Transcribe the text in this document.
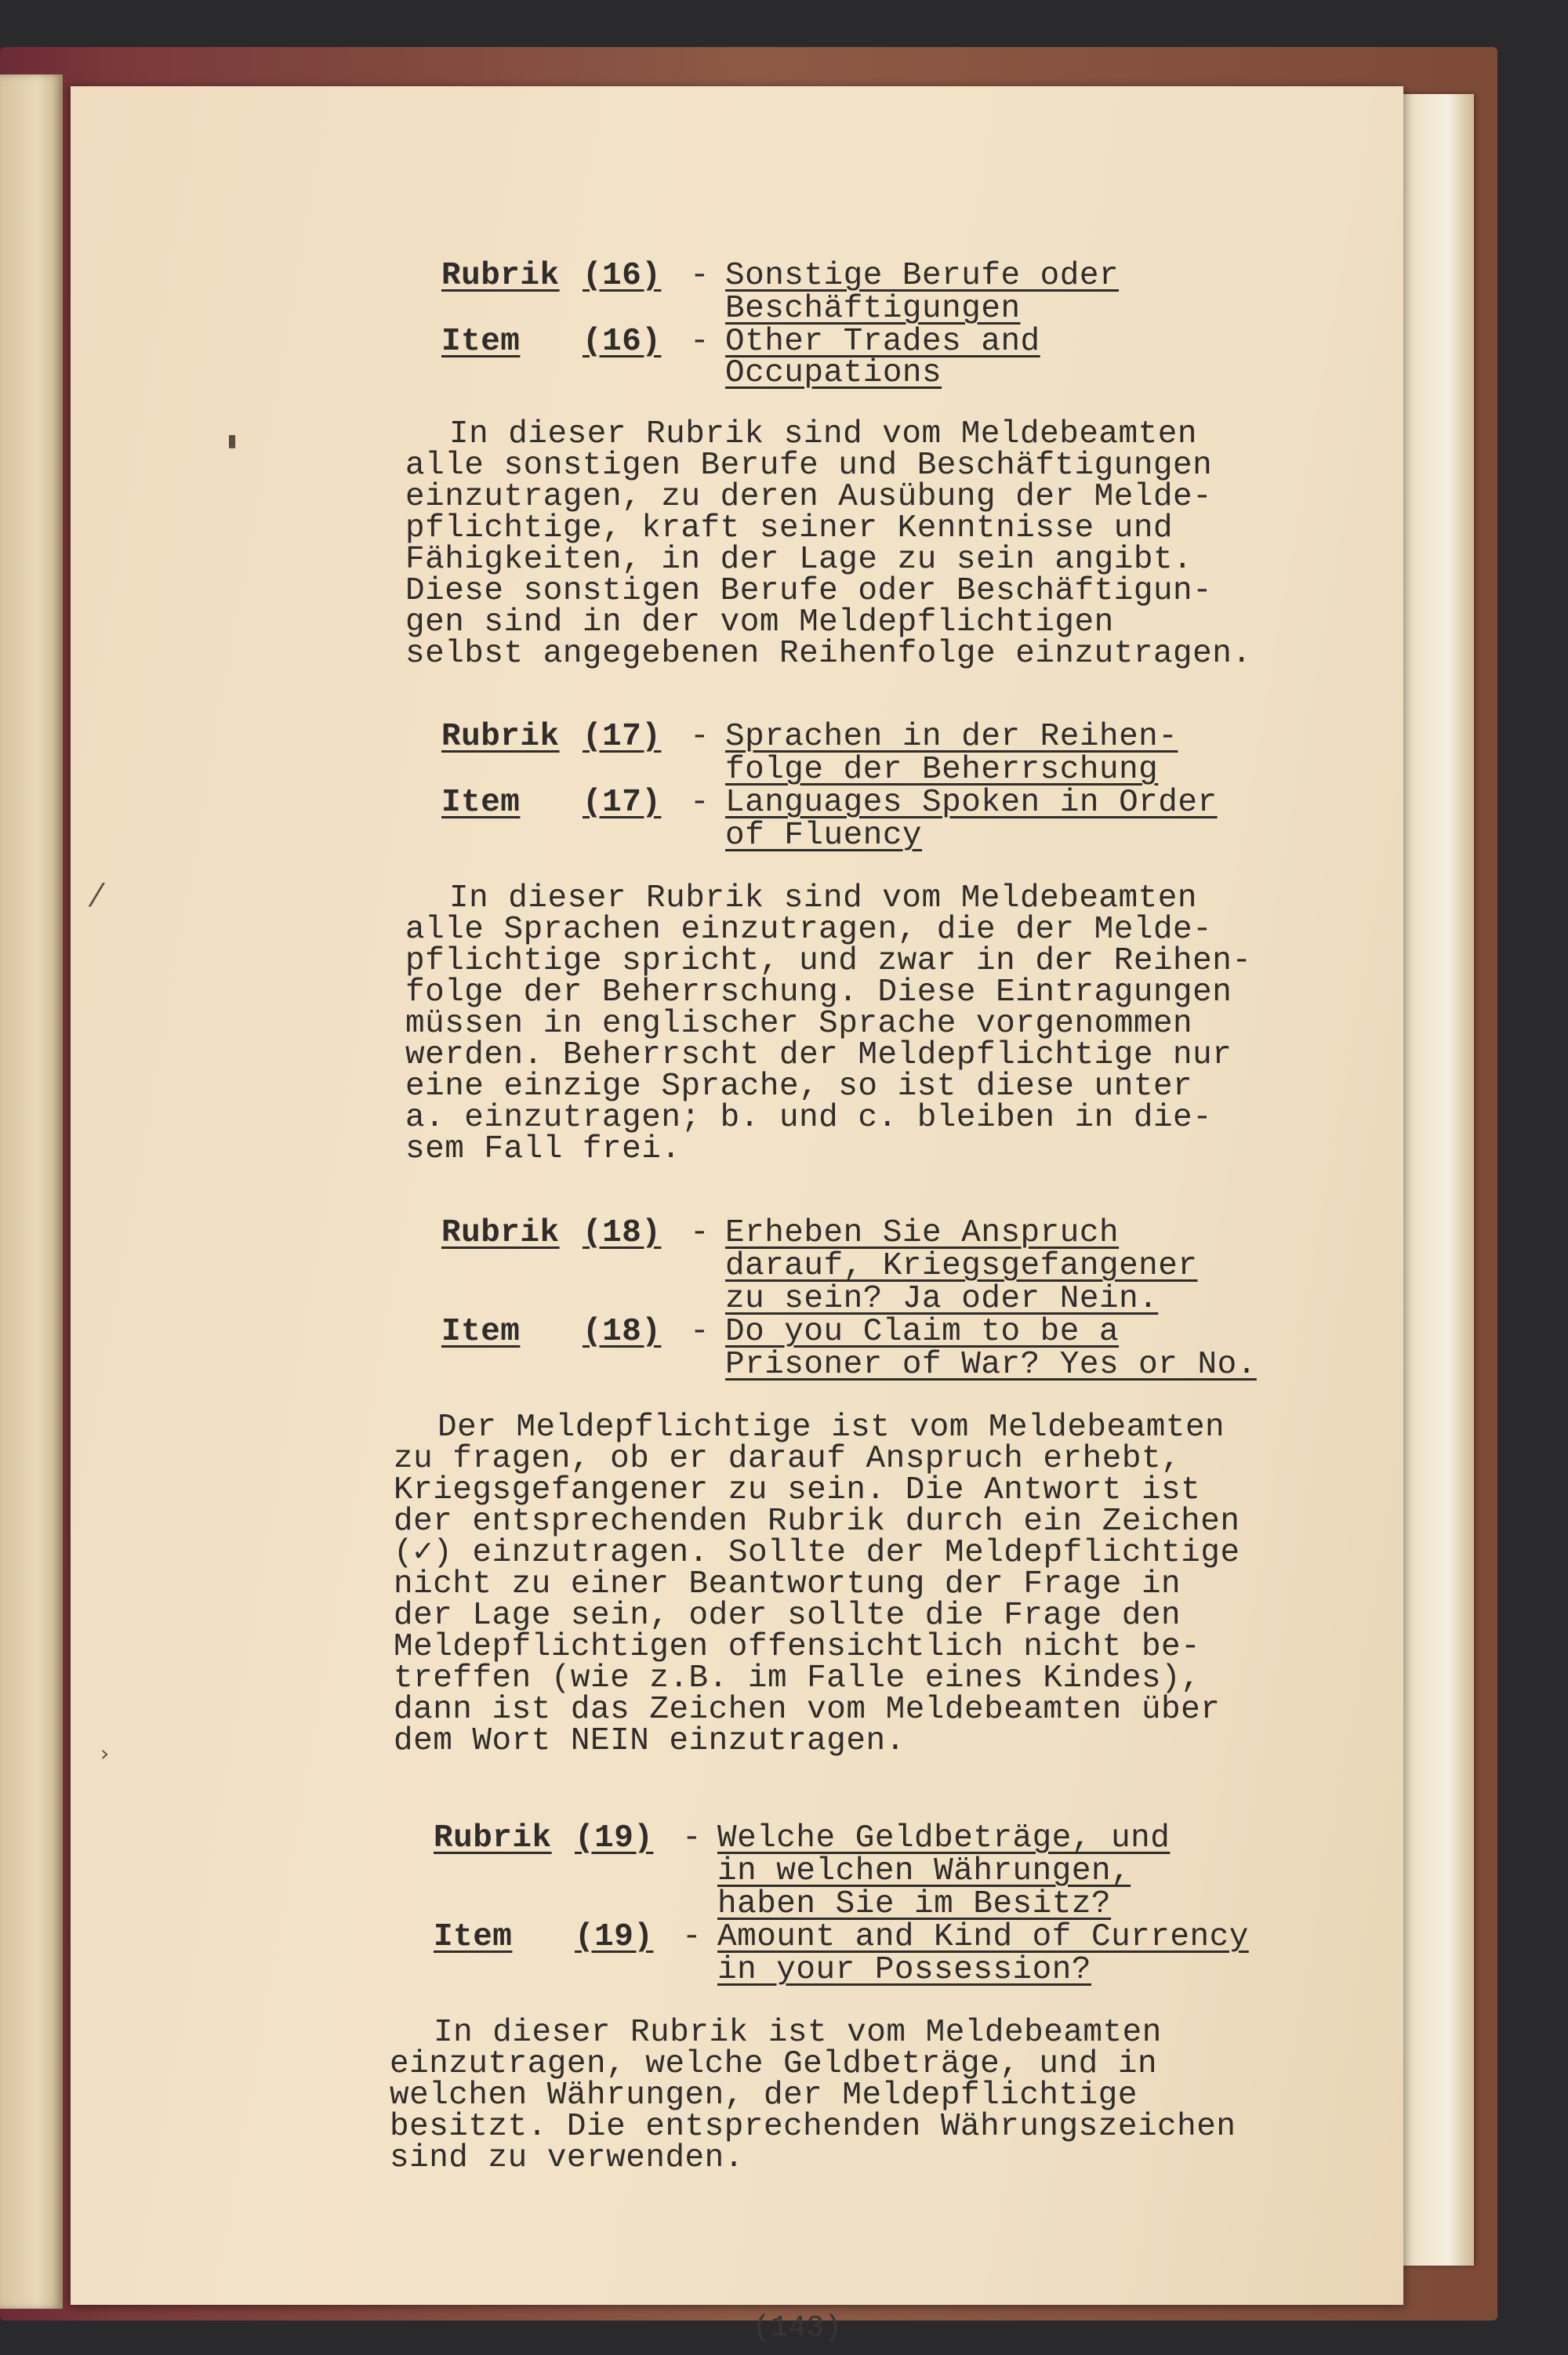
Rubrik (16) - Sonstige Berufe oder
Beschäftigungen
Item (16) - Other Trades and
Occupations
In dieser Rubrik sind vom Meldebeamten
alle sonstigen Berufe und Beschäftigungen
einzutragen, zu deren Ausübung der Melde-
pflichtige, kraft seiner Kenntnisse und
Fähigkeiten, in der Lage zu sein angibt.
Diese sonstigen Berufe oder Beschäftigun-
gen sind in der vom Meldepflichtigen
selbst angegebenen Reihenfolge einzutragen.
Rubrik (17) - Sprachen in der Reihen-
folge der Beherrschung
Item (17) - Languages Spoken in Order
of Fluency
In dieser Rubrik sind vom Meldebeamten
alle Sprachen einzutragen, die der Melde-
pflichtige spricht, und zwar in der Reihen-
folge der Beherrschung. Diese Eintragungen
müssen in englischer Sprache vorgenommen
werden. Beherrscht der Meldepflichtige nur
eine einzige Sprache, so ist diese unter
a. einzutragen; b. und c. bleiben in die-
sem Fall frei.
Rubrik (18) - Erheben Sie Anspruch
darauf, Kriegsgefangener
zu sein? Ja oder Nein.
Item (18) - Do you Claim to be a
Prisoner of War? Yes or No.
Der Meldepflichtige ist vom Meldebeamten
zu fragen, ob er darauf Anspruch erhebt,
Kriegsgefangener zu sein. Die Antwort ist
der entsprechenden Rubrik durch ein Zeichen
(✓) einzutragen. Sollte der Meldepflichtige
nicht zu einer Beantwortung der Frage in
der Lage sein, oder sollte die Frage den
Meldepflichtigen offensichtlich nicht be-
treffen (wie z.B. im Falle eines Kindes),
dann ist das Zeichen vom Meldebeamten über
dem Wort NEIN einzutragen.
Rubrik (19) - Welche Geldbeträge, und
in welchen Währungen,
haben Sie im Besitz?
Item (19) - Amount and Kind of Currency
in your Possession?
In dieser Rubrik ist vom Meldebeamten
einzutragen, welche Geldbeträge, und in
welchen Währungen, der Meldepflichtige
besitzt. Die entsprechenden Währungszeichen
sind zu verwenden.
(143)
▮
⁄
›
